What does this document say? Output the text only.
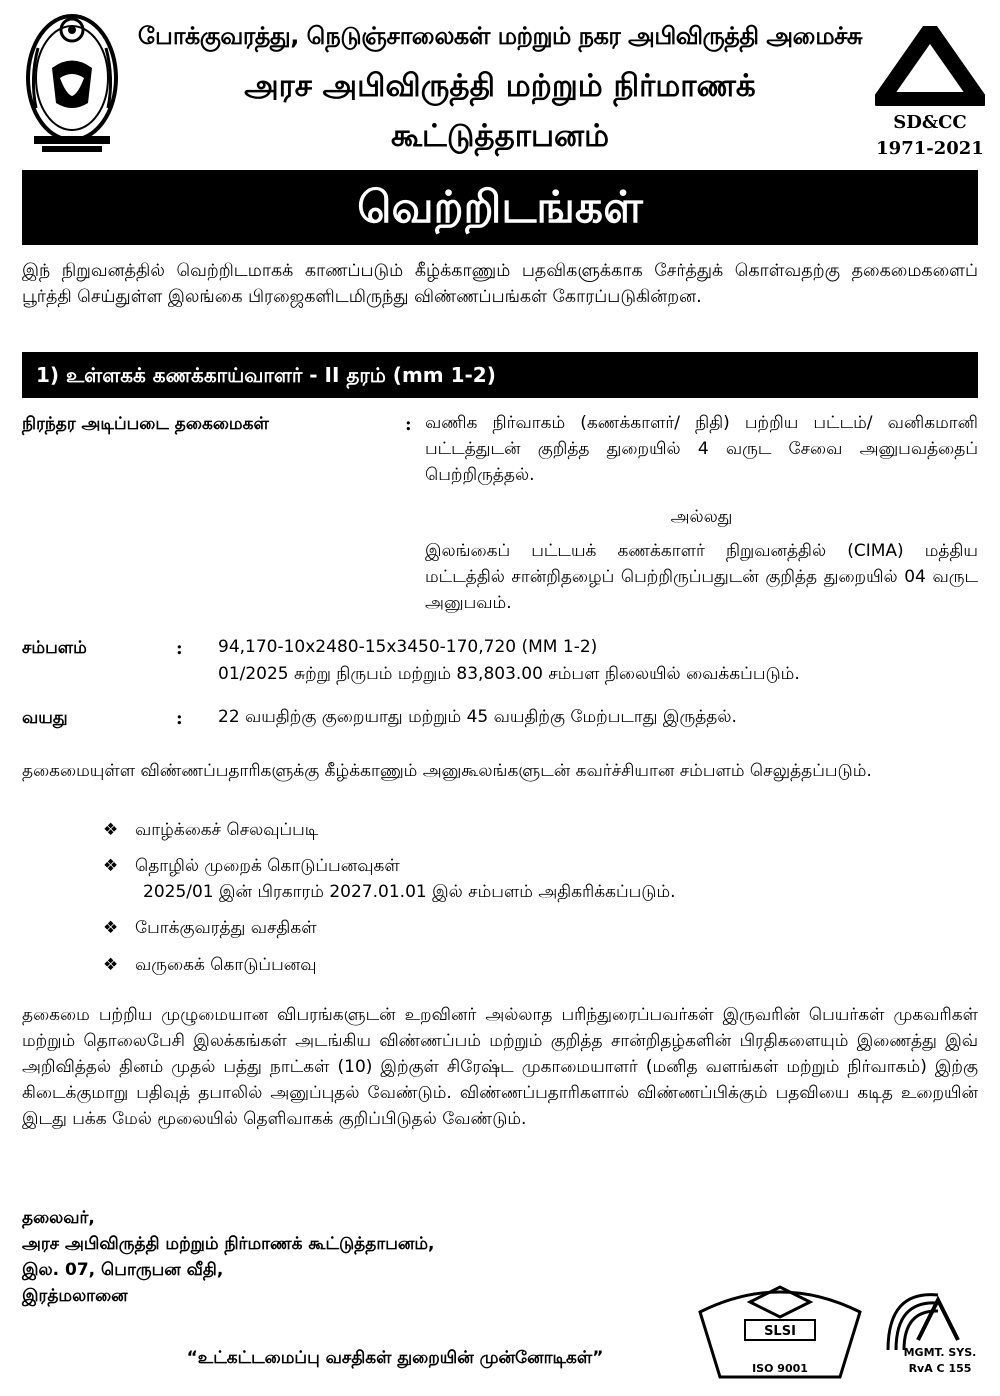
போக்குவரத்து, நெடுஞ்சாலைகள் மற்றும் நகர அபிவிருத்தி அமைச்சு
அரச அபிவிருத்தி மற்றும் நிர்மாணக்
கூட்டுத்தாபனம்	SD&CC
1971-2021
வெற்றிடங்கள்
இந் நிறுவனத்தில் வெற்றிடமாகக் காணப்படும் கீழ்க்காணும் பதவிகளுக்காக சேர்த்துக் கொள்வதற்கு தகைமைகளைப் பூர்த்தி செய்துள்ள இலங்கை பிரஜைகளிடமிருந்து விண்ணப்பங்கள் கோரப்படுகின்றன.
1) உள்ளகக் கணக்காய்வாளர் - II தரம் (mm 1-2)
நிரந்தர அடிப்படை தகைமைகள்	: வணிக நிர்வாகம் (கணக்காளர்/ நிதி) பற்றிய பட்டம்/ வனிகமானி பட்டத்துடன் குறித்த துறையில் 4 வருட சேவை அனுபவத்தைப் பெற்றிருத்தல்.
அல்லது
இலங்கைப் பட்டயக் கணக்காளர் நிறுவனத்தில் (CIMA) மத்திய மட்டத்தில் சான்றிதழைப் பெற்றிருப்பதுடன் குறித்த துறையில் 04 வருட அனுபவம்.
சம்பளம்	: 94,170-10x2480-15x3450-170,720 (MM 1-2)
01/2025 சுற்று நிருபம் மற்றும் 83,803.00 சம்பள நிலையில் வைக்கப்படும்.
வயது	: 22 வயதிற்கு குறையாது மற்றும் 45 வயதிற்கு மேற்படாது இருத்தல்.
தகைமையுள்ள விண்ணப்பதாரிகளுக்கு கீழ்க்காணும் அனுகூலங்களுடன் கவர்ச்சியான சம்பளம் செலுத்தப்படும்.
❖ வாழ்க்கைச் செலவுப்படி
❖ தொழில் முறைக் கொடுப்பனவுகள்
2025/01 இன் பிரகாரம் 2027.01.01 இல் சம்பளம் அதிகரிக்கப்படும்.
❖ போக்குவரத்து வசதிகள்
❖ வருகைக் கொடுப்பனவு
தகைமை பற்றிய முழுமையான விபரங்களுடன் உறவினர் அல்லாத பரிந்துரைப்பவர்கள் இருவரின் பெயர்கள் முகவரிகள் மற்றும் தொலைபேசி இலக்கங்கள் அடங்கிய விண்ணப்பம் மற்றும் குறித்த சான்றிதழ்களின் பிரதிகளையும் இணைத்து இவ் அறிவித்தல் தினம் முதல் பத்து நாட்கள் (10) இற்குள் சிரேஷ்ட முகாமையாளர் (மனித வளங்கள் மற்றும் நிர்வாகம்) இற்கு கிடைக்குமாறு பதிவுத் தபாலில் அனுப்புதல் வேண்டும். விண்ணப்பதாரிகளால் விண்ணப்பிக்கும் பதவியை கடித உறையின் இடது பக்க மேல் மூலையில் தெளிவாகக் குறிப்பிடுதல் வேண்டும்.
தலைவர்,
அரச அபிவிருத்தி மற்றும் நிர்மாணக் கூட்டுத்தாபனம்,
இல. 07, பொருபன வீதி,
இரத்மலானை
“உட்கட்டமைப்பு வசதிகள் துறையின் முன்னோடிகள்”
SLSI
ISO 9001
MGMT. SYS.
RvA C 155
